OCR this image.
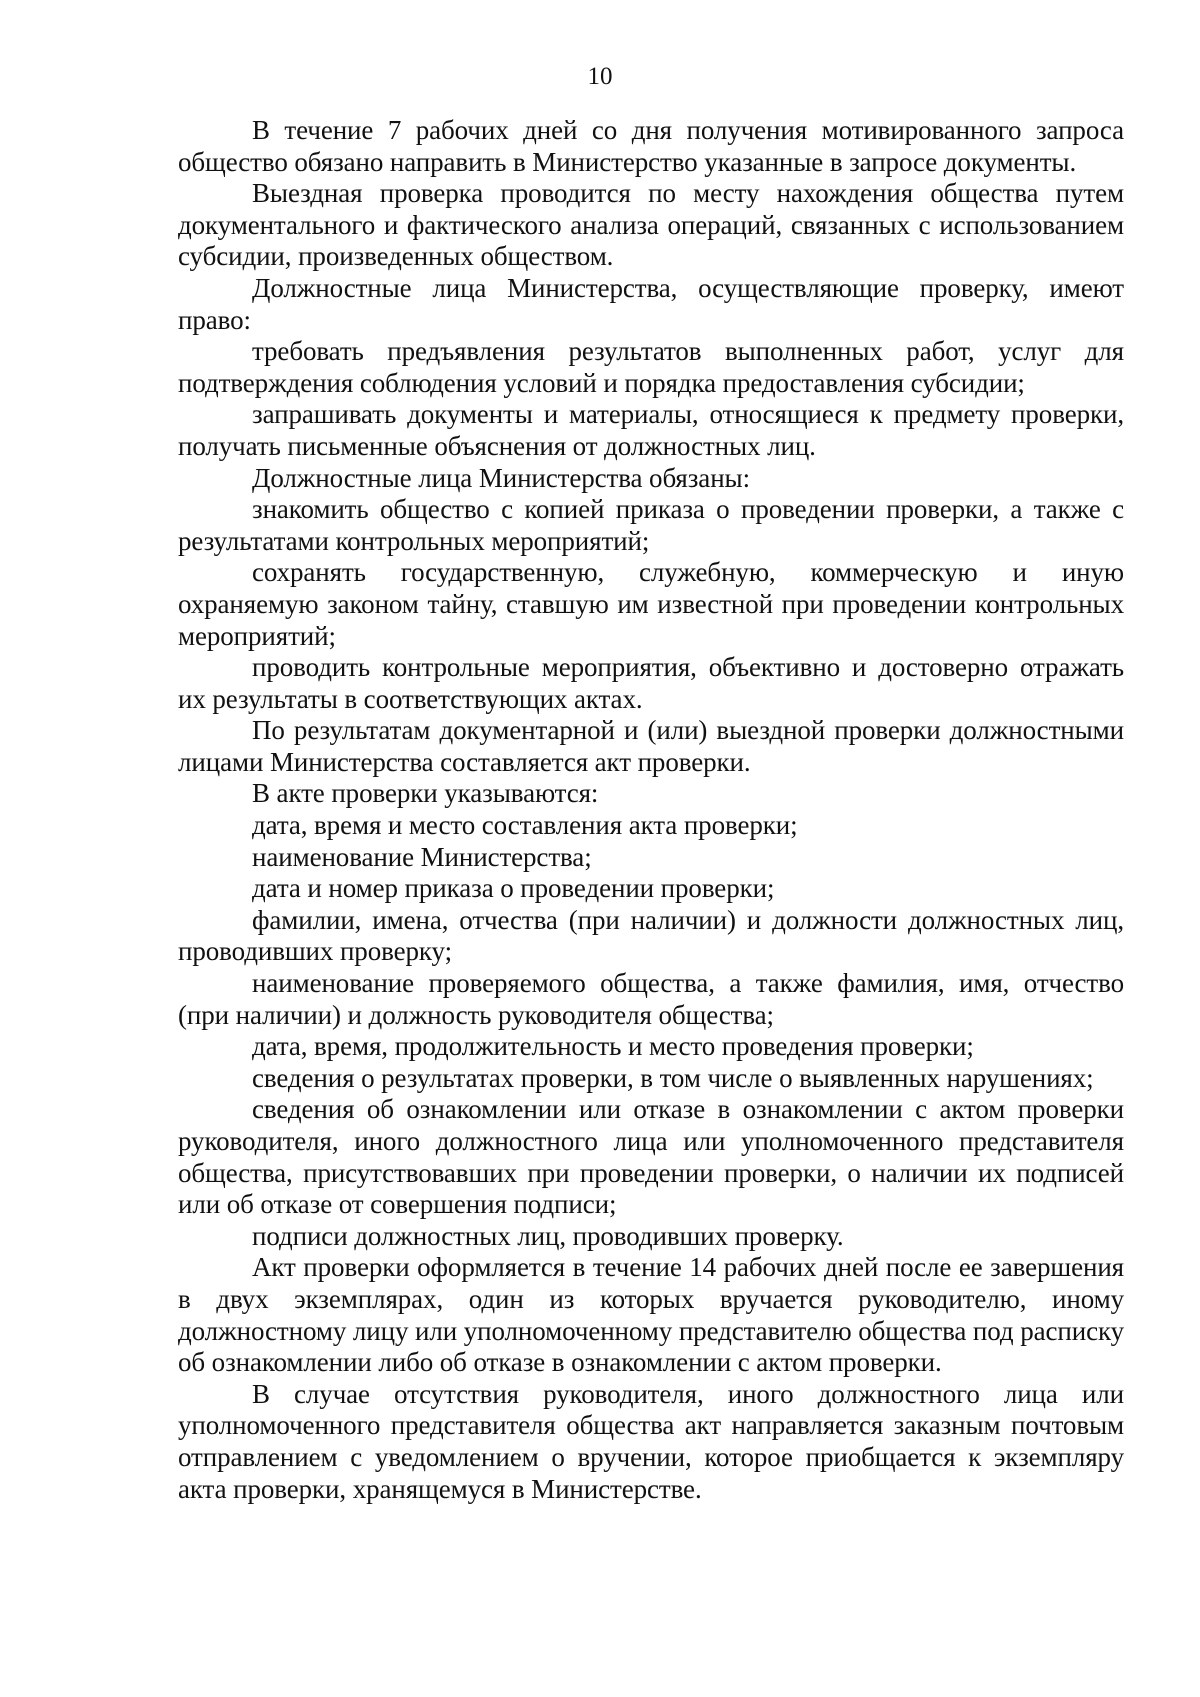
10

В течение 7 рабочих дней со дня получения мотивированного запроса общество обязано направить в Министерство указанные в запросе документы.

Выездная проверка проводится по месту нахождения общества путем документального и фактического анализа операций, связанных с использованием субсидии, произведенных обществом.

Должностные лица Министерства, осуществляющие проверку, имеют право:

требовать предъявления результатов выполненных работ, услуг для подтверждения соблюдения условий и порядка предоставления субсидии;

запрашивать документы и материалы, относящиеся к предмету проверки, получать письменные объяснения от должностных лиц.

Должностные лица Министерства обязаны:

знакомить общество с копией приказа о проведении проверки, а также с результатами контрольных мероприятий;

сохранять государственную, служебную, коммерческую и иную охраняемую законом тайну, ставшую им известной при проведении контрольных мероприятий;

проводить контрольные мероприятия, объективно и достоверно отражать их результаты в соответствующих актах.

По результатам документарной и (или) выездной проверки должностными лицами Министерства составляется акт проверки.

В акте проверки указываются:

дата, время и место составления акта проверки;

наименование Министерства;

дата и номер приказа о проведении проверки;

фамилии, имена, отчества (при наличии) и должности должностных лиц, проводивших проверку;

наименование проверяемого общества, а также фамилия, имя, отчество (при наличии) и должность руководителя общества;

дата, время, продолжительность и место проведения проверки;

сведения о результатах проверки, в том числе о выявленных нарушениях;

сведения об ознакомлении или отказе в ознакомлении с актом проверки руководителя, иного должностного лица или уполномоченного представителя общества, присутствовавших при проведении проверки, о наличии их подписей или об отказе от совершения подписи;

подписи должностных лиц, проводивших проверку.

Акт проверки оформляется в течение 14 рабочих дней после ее завершения в двух экземплярах, один из которых вручается руководителю, иному должностному лицу или уполномоченному представителю общества под расписку об ознакомлении либо об отказе в ознакомлении с актом проверки.

В случае отсутствия руководителя, иного должностного лица или уполномоченного представителя общества акт направляется заказным почтовым отправлением с уведомлением о вручении, которое приобщается к экземпляру акта проверки, хранящемуся в Министерстве.
